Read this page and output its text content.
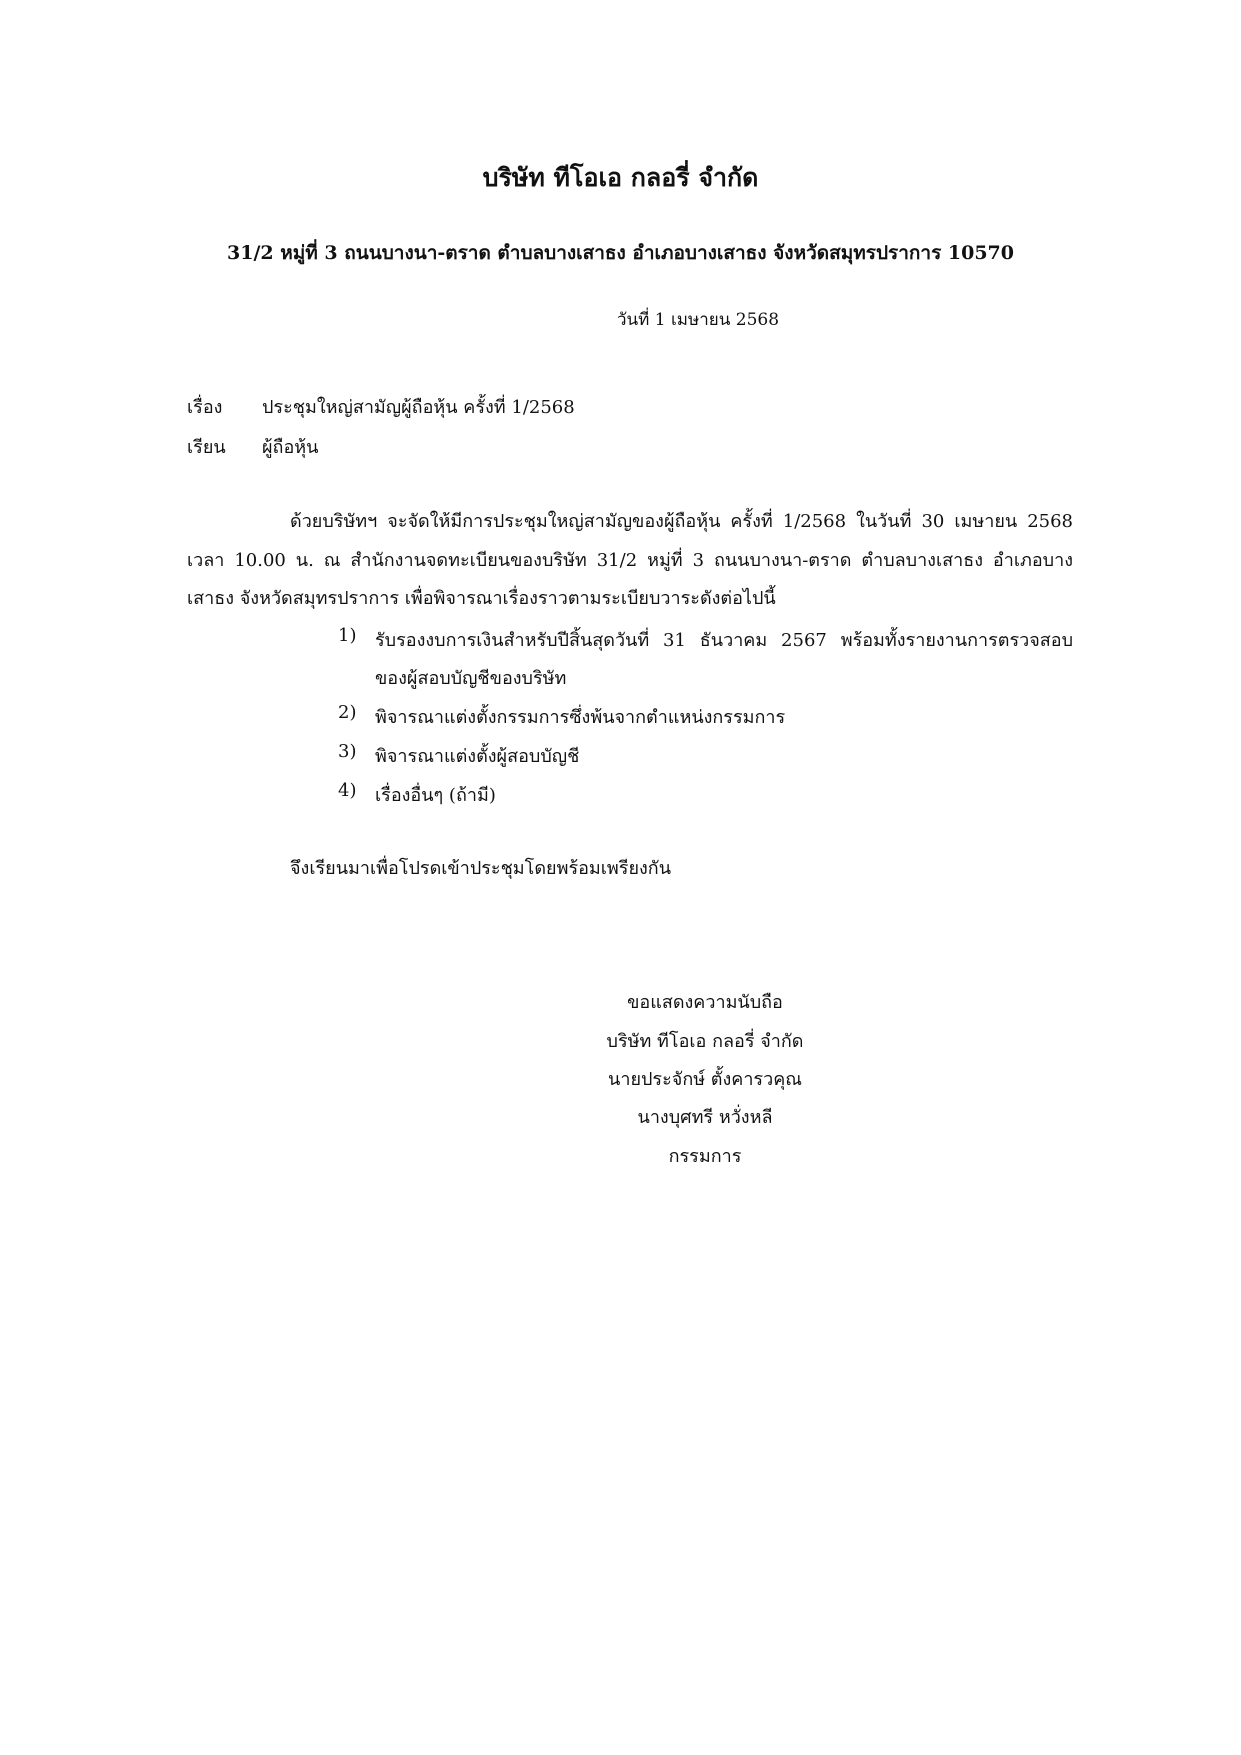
บริษัท ทีโอเอ กลอรี่ จำกัด
31/2 หมู่ที่ 3 ถนนบางนา-ตราด ตำบลบางเสาธง อำเภอบางเสาธง จังหวัดสมุทรปราการ 10570
วันที่ 1 เมษายน 2568
เรื่อง ประชุมใหญ่สามัญผู้ถือหุ้น ครั้งที่ 1/2568
เรียน ผู้ถือหุ้น
ด้วยบริษัทฯ จะจัดให้มีการประชุมใหญ่สามัญของผู้ถือหุ้น ครั้งที่ 1/2568 ในวันที่ 30 เมษายน 2568
เวลา 10.00 น. ณ สำนักงานจดทะเบียนของบริษัท 31/2 หมู่ที่ 3 ถนนบางนา-ตราด ตำบลบางเสาธง อำเภอบาง
เสาธง จังหวัดสมุทรปราการ เพื่อพิจารณาเรื่องราวตามระเบียบวาระดังต่อไปนี้
1) รับรองงบการเงินสำหรับปีสิ้นสุดวันที่ 31 ธันวาคม 2567 พร้อมทั้งรายงานการตรวจสอบ
ของผู้สอบบัญชีของบริษัท
2) พิจารณาแต่งตั้งกรรมการซึ่งพ้นจากตำแหน่งกรรมการ
3) พิจารณาแต่งตั้งผู้สอบบัญชี
4) เรื่องอื่นๆ (ถ้ามี)
จึงเรียนมาเพื่อโปรดเข้าประชุมโดยพร้อมเพรียงกัน
ขอแสดงความนับถือ
บริษัท ทีโอเอ กลอรี่ จำกัด
นายประจักษ์ ตั้งคารวคุณ
นางบุศทรี หวั่งหลี
กรรมการ
